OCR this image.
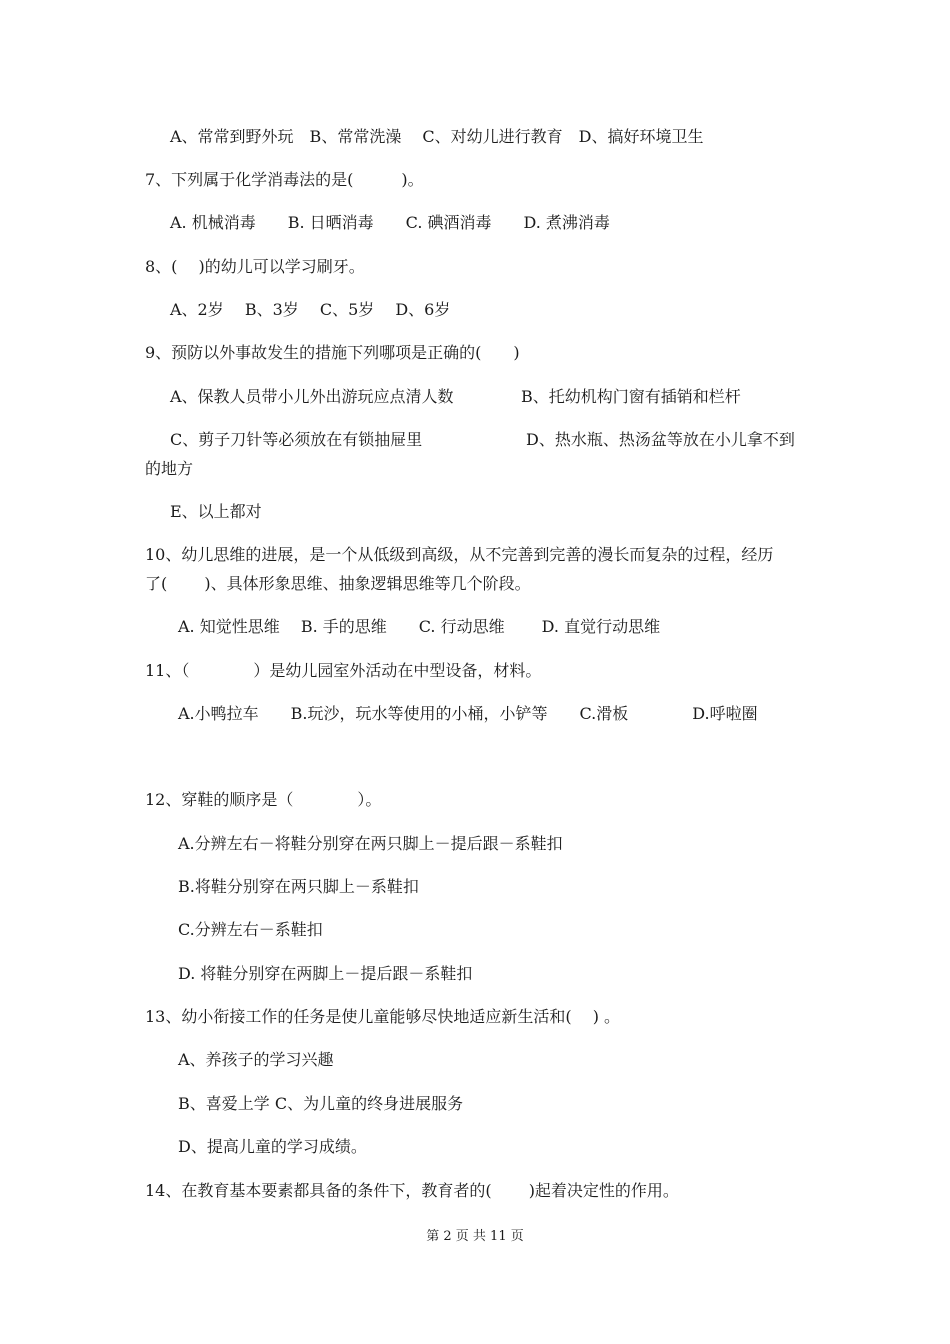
A、常常到野外玩　B、常常洗澡　 C、对幼儿进行教育　D、搞好环境卫生
7、下列属于化学消毒法的是(　　　)。
A. 机械消毒　　B. 日晒消毒　　C. 碘酒消毒　　D. 煮沸消毒
8、(　 )的幼儿可以学习刷牙。
A、2岁　 B、3岁　 C、5岁　 D、6岁
9、预防以外事故发生的措施下列哪项是正确的(　　)
A、保教人员带小儿外出游玩应点清人数	B、托幼机构门窗有插销和栏杆
C、剪子刀针等必须放在有锁抽屉里	D、热水瓶、热汤盆等放在小儿拿不到
的地方
E、以上都对
10、幼儿思维的进展，是一个从低级到高级，从不完善到完善的漫长而复杂的过程，经历
了(　　 )、具体形象思维、抽象逻辑思维等几个阶段。
A. 知觉性思维　 B. 手的思维　　C. 行动思维　　 D. 直觉行动思维
11、（　　　　）是幼儿园室外活动在中型设备，材料。
A.小鸭拉车　　B.玩沙，玩水等使用的小桶，小铲等　　C.滑板　　　　D.呼啦圈
12、穿鞋的顺序是（　　　　）。
A.分辨左右－将鞋分别穿在两只脚上－提后跟－系鞋扣
B.将鞋分别穿在两只脚上－系鞋扣
C.分辨左右－系鞋扣
D. 将鞋分别穿在两脚上－提后跟－系鞋扣
13、幼小衔接工作的任务是使儿童能够尽快地适应新生活和(　 ) 。
A、养孩子的学习兴趣
B、喜爱上学 C、为儿童的终身进展服务
D、提高儿童的学习成绩。
14、在教育基本要素都具备的条件下，教育者的(　　 )起着决定性的作用。
第 2 页 共 11 页
